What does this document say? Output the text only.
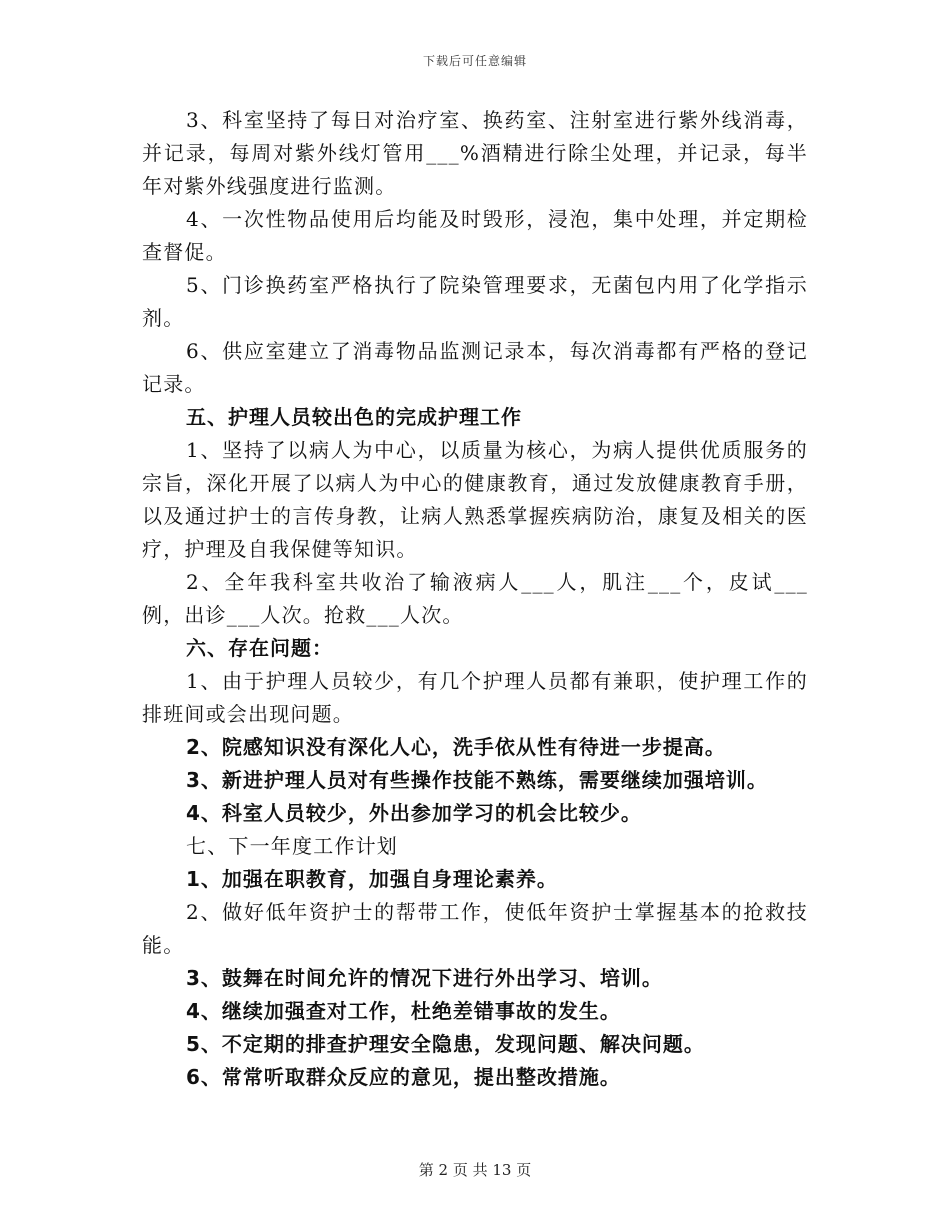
下载后可任意编辑

3、科室坚持了每日对治疗室、换药室、注射室进行紫外线消毒，并记录，每周对紫外线灯管用___%酒精进行除尘处理，并记录，每半年对紫外线强度进行监测。

4、一次性物品使用后均能及时毁形，浸泡，集中处理，并定期检查督促。

5、门诊换药室严格执行了院染管理要求，无菌包内用了化学指示剂。

6、供应室建立了消毒物品监测记录本，每次消毒都有严格的登记记录。

五、护理人员较出色的完成护理工作

1、坚持了以病人为中心，以质量为核心，为病人提供优质服务的宗旨，深化开展了以病人为中心的健康教育，通过发放健康教育手册，以及通过护士的言传身教，让病人熟悉掌握疾病防治，康复及相关的医疗，护理及自我保健等知识。

2、全年我科室共收治了输液病人___人，肌注___个，皮试___例，出诊___人次。抢救___人次。

六、存在问题：

1、由于护理人员较少，有几个护理人员都有兼职，使护理工作的排班间或会出现问题。

2、院感知识没有深化人心，洗手依从性有待进一步提高。

3、新进护理人员对有些操作技能不熟练，需要继续加强培训。

4、科室人员较少，外出参加学习的机会比较少。

七、下一年度工作计划

1、加强在职教育，加强自身理论素养。

2、做好低年资护士的帮带工作，使低年资护士掌握基本的抢救技能。

3、鼓舞在时间允许的情况下进行外出学习、培训。

4、继续加强查对工作，杜绝差错事故的发生。

5、不定期的排查护理安全隐患，发现问题、解决问题。

6、常常听取群众反应的意见，提出整改措施。

第 2 页 共 13 页
